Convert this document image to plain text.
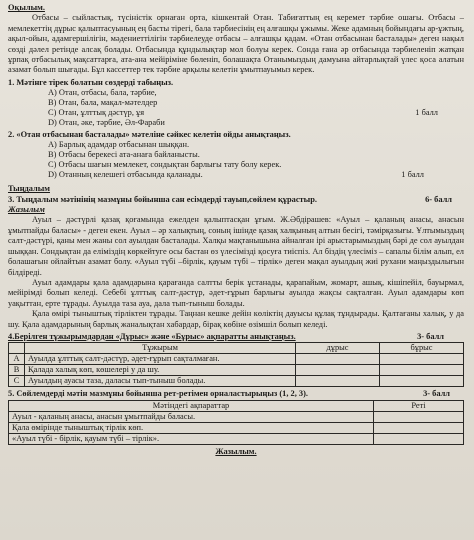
Оқылым.
Отбасы – сыйластық, түсіністік орнаған орта, кішкентай Отан. Табиғаттың ең керемет тәрбие ошағы. Отбасы – мемлекеттің дұрыс қалыптасуының ең басты тірегі, бала тәрбиесінің ең алғашқы ұжымы. Жеке адамның бойындағы ар-ұжтың, ақыл-ойын, адамгершілігін, мәдениеттілігін тәрбиелеуде отбасы – алғашқы қадам. «Отан отбасынан басталады» деген нақыл сөзді дәлел ретінде алсақ болады. Отбасында құндылықтар мол болуы керек. Сонда ғана әр отбасында тәрбиеленіп жатқан ұрпақ отбасылық мақсаттарға, ата-ана мейіріміне бөленіп, болашақта Отанымыздың дамуына айтарлықтай үлес қоса алатын азамат болып шығады. Бұл кассеттер тек тәрбие арқылы келетін ұмытпауымыз керек.
1. Мәтінге тірек болатын сөздерді табыңыз.
А) Отан, отбасы, бала, тәрбие,
В) Отан, бала, мақал-мәтелдер
С) Отан, ұлттық дәстүр, ұя	1 балл
D) Отан, әке, тәрбие, Әл-Фараби
2. «Отан отбасынан басталады» мәтеліне сәйкес келетін ойды анықтаңыз.
А) Барлық адамдар отбасынан шыққан.
В) Отбасы берекесі ата-анаға байланысты.
С) Отбасы шағын мемлекет, сондықтан барлығы тату болу керек.
D) Отанның келешегі отбасында қаланады.	1 балл
Тыңдалым
3. Тыңдалым мәтінінің мазмұны бойынша сан есімдерді тауып,сөйлем құрастыр.	6- балл
Жазылым
Ауыл – дәстүрлі қазақ қоғамында ежелден қалыптасқан ұғым. Ж.Әбдірашев: «Ауыл – қаланың анасы, анасын ұмытпайды баласы» - деген екен. Ауыл – әр халықтың, соның ішінде қазақ халқының алтын бесігі, тәмірқазығы. Ұлтымыздың салт-дәстүрі, қаны мен жаны сол ауылдан басталады. Халқы мақтанышына айналған ірі арыстарымыздың бәрі де сол ауылдан шыққан. Сондықтан да еліміздің көркейтуге осы бастан өз үлесімізді қосуға тиіспіз. Ал біздің үлесіміз – сапалы білім алып, ел болашағын ойлайтын азамат болу. «Ауыл түбі –бірлік, қауым түбі – тірлік» деген мақал ауылдың жиі рухани маңыздылығын білдіреді.
Ауыл адамдары қала адамдарына қарағанда салтты берік ұстанады, қарапайым, жомарт, ашық, кішіпейіл, бауырмал, мейірімді болып келеді. Себебі ұлттық салт-дәстүр, әдет-ғұрып барлығы ауылда жақсы сақталған. Ауыл адамдары көп уақыттан, ерте тұрады. Ауылда таза ауа, дала тып-тыныш болады.
Қала өмірі тыныштық тірліктен тұрады. Таңнан кешке дейін көліктің дауысы құлақ тұндырады. Қалтағаны халық, у да шу. Қала адамдарының барлық жаналықтан хабардар, бірақ көбіне өзімшіл болып келеді.
4.Берілген тұжырымдардан «Дұрыс» және «Бұрыс» ақпаратты анықтаңыз.	3- балл
	Тұжырым	дұрыс	бұрыс
А	Ауылда ұлттық салт-дәстүр, әдет-ғұрып сақталмаған.		
В	Қалада халық көп, көшелері у да шу.		
С	Ауылдың ауасы таза, даласы тып-тыныш болады.		
5. Сөйлемдерді мәтін мазмұны бойынша рет-ретімен орналастырыңыз (1, 2, 3).	3- балл
Мәтіндегі ақпараттар	Реті
Ауыл - қаланың анасы, анасын ұмытпайды баласы.	
Қала өмірінде тыныштық тірлік көп.	
«Ауыл түбі - бірлік, қауым түбі – тірлік».	
Жазылым.
